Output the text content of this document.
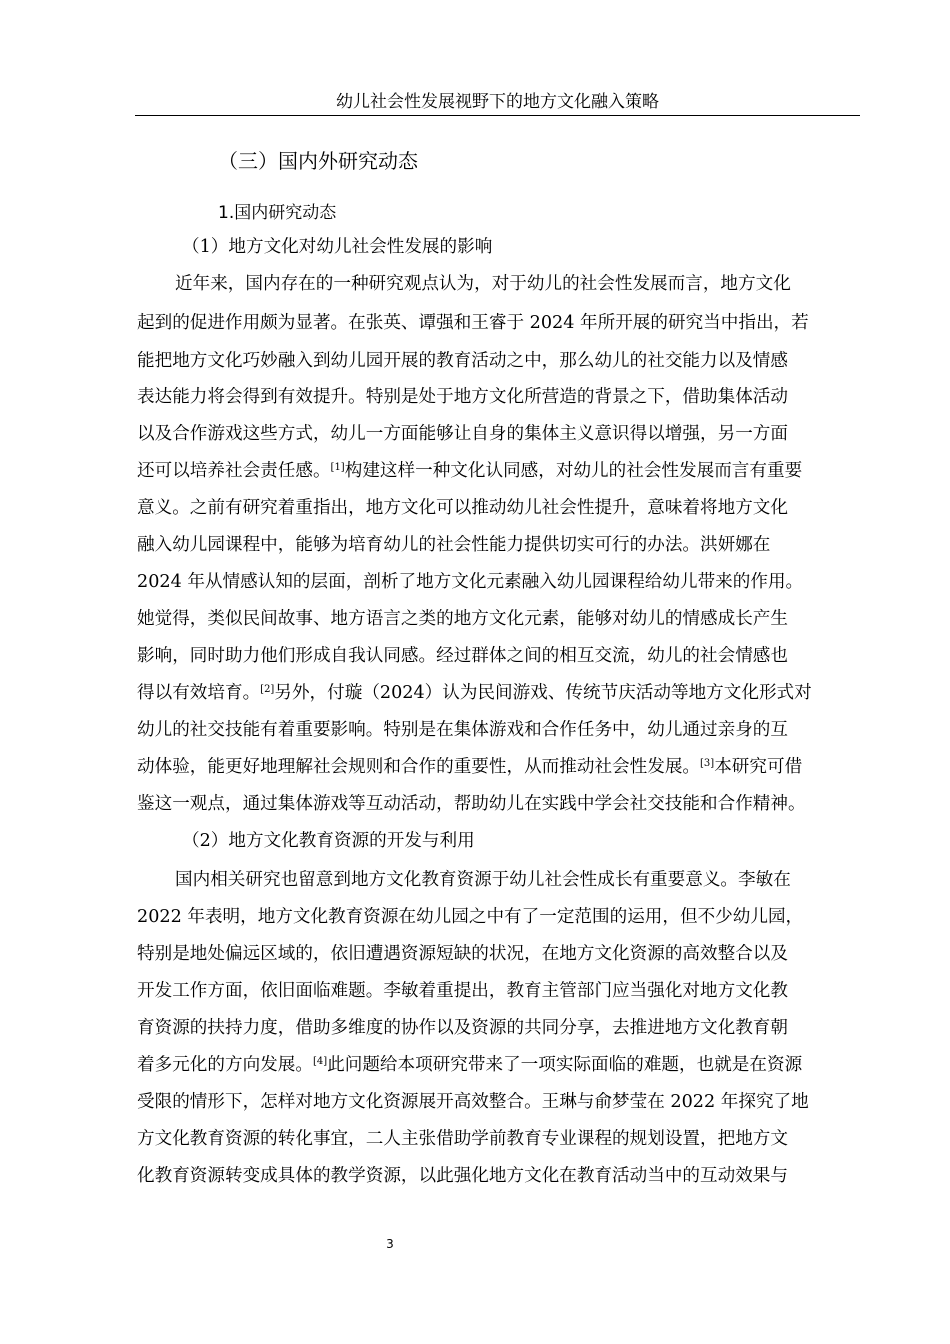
幼儿社会性发展视野下的地方文化融入策略
（三）国内外研究动态
1.国内研究动态
（1）地方文化对幼儿社会性发展的影响
近年来，国内存在的一种研究观点认为，对于幼儿的社会性发展而言，地方文化
起到的促进作用颇为显著。在张英、谭强和王睿于 2024 年所开展的研究当中指出，若
能把地方文化巧妙融入到幼儿园开展的教育活动之中，那么幼儿的社交能力以及情感
表达能力将会得到有效提升。特别是处于地方文化所营造的背景之下，借助集体活动
以及合作游戏这些方式，幼儿一方面能够让自身的集体主义意识得以增强，另一方面
还可以培养社会责任感。[1]构建这样一种文化认同感，对幼儿的社会性发展而言有重要
意义。之前有研究着重指出，地方文化可以推动幼儿社会性提升，意味着将地方文化
融入幼儿园课程中，能够为培育幼儿的社会性能力提供切实可行的办法。洪妍娜在
2024 年从情感认知的层面，剖析了地方文化元素融入幼儿园课程给幼儿带来的作用。
她觉得，类似民间故事、地方语言之类的地方文化元素，能够对幼儿的情感成长产生
影响，同时助力他们形成自我认同感。经过群体之间的相互交流，幼儿的社会情感也
得以有效培育。[2]另外，付璇（2024）认为民间游戏、传统节庆活动等地方文化形式对
幼儿的社交技能有着重要影响。特别是在集体游戏和合作任务中，幼儿通过亲身的互
动体验，能更好地理解社会规则和合作的重要性，从而推动社会性发展。[3]本研究可借
鉴这一观点，通过集体游戏等互动活动，帮助幼儿在实践中学会社交技能和合作精神。
（2）地方文化教育资源的开发与利用
国内相关研究也留意到地方文化教育资源于幼儿社会性成长有重要意义。李敏在
2022 年表明，地方文化教育资源在幼儿园之中有了一定范围的运用，但不少幼儿园，
特别是地处偏远区域的，依旧遭遇资源短缺的状况，在地方文化资源的高效整合以及
开发工作方面，依旧面临难题。李敏着重提出，教育主管部门应当强化对地方文化教
育资源的扶持力度，借助多维度的协作以及资源的共同分享，去推进地方文化教育朝
着多元化的方向发展。[4]此问题给本项研究带来了一项实际面临的难题，也就是在资源
受限的情形下，怎样对地方文化资源展开高效整合。王琳与俞梦莹在 2022 年探究了地
方文化教育资源的转化事宜，二人主张借助学前教育专业课程的规划设置，把地方文
化教育资源转变成具体的教学资源，以此强化地方文化在教育活动当中的互动效果与
3
